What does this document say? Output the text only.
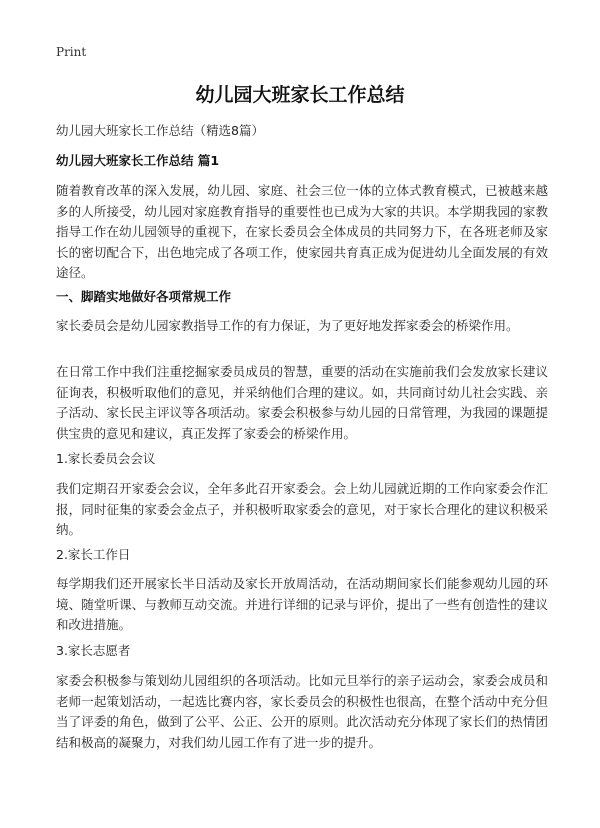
Print
幼儿园大班家长工作总结

幼儿园大班家长工作总结（精选8篇）

幼儿园大班家长工作总结 篇1

随着教育改革的深入发展，幼儿园、家庭、社会三位一体的立体式教育模式，已被越来越多的人所接受，幼儿园对家庭教育指导的重要性也已成为大家的共识。本学期我园的家教指导工作在幼儿园领导的重视下，在家长委员会全体成员的共同努力下，在各班老师及家长的密切配合下，出色地完成了各项工作，使家园共育真正成为促进幼儿全面发展的有效途径。

一、脚踏实地做好各项常规工作

家长委员会是幼儿园家教指导工作的有力保证，为了更好地发挥家委会的桥梁作用。

在日常工作中我们注重挖掘家委员成员的智慧，重要的活动在实施前我们会发放家长建议征询表，积极听取他们的意见，并采纳他们合理的建议。如，共同商讨幼儿社会实践、亲子活动、家长民主评议等各项活动。家委会积极参与幼儿园的日常管理，为我园的课题提供宝贵的意见和建议，真正发挥了家委会的桥梁作用。

1.家长委员会会议

我们定期召开家委会会议，全年多此召开家委会。会上幼儿园就近期的工作向家委会作汇报，同时征集的家委会金点子，并积极听取家委会的意见，对于家长合理化的建议积极采纳。

2.家长工作日

每学期我们还开展家长半日活动及家长开放周活动，在活动期间家长们能参观幼儿园的环境、随堂听课、与教师互动交流。并进行详细的记录与评价，提出了一些有创造性的建议和改进措施。

3.家长志愿者

家委会积极参与策划幼儿园组织的各项活动。比如元旦举行的亲子运动会，家委会成员和老师一起策划活动，一起选比赛内容，家长委员会的积极性也很高，在整个活动中充分但当了评委的角色，做到了公平、公正、公开的原则。此次活动充分体现了家长们的热情团结和极高的凝聚力，对我们幼儿园工作有了进一步的提升。
